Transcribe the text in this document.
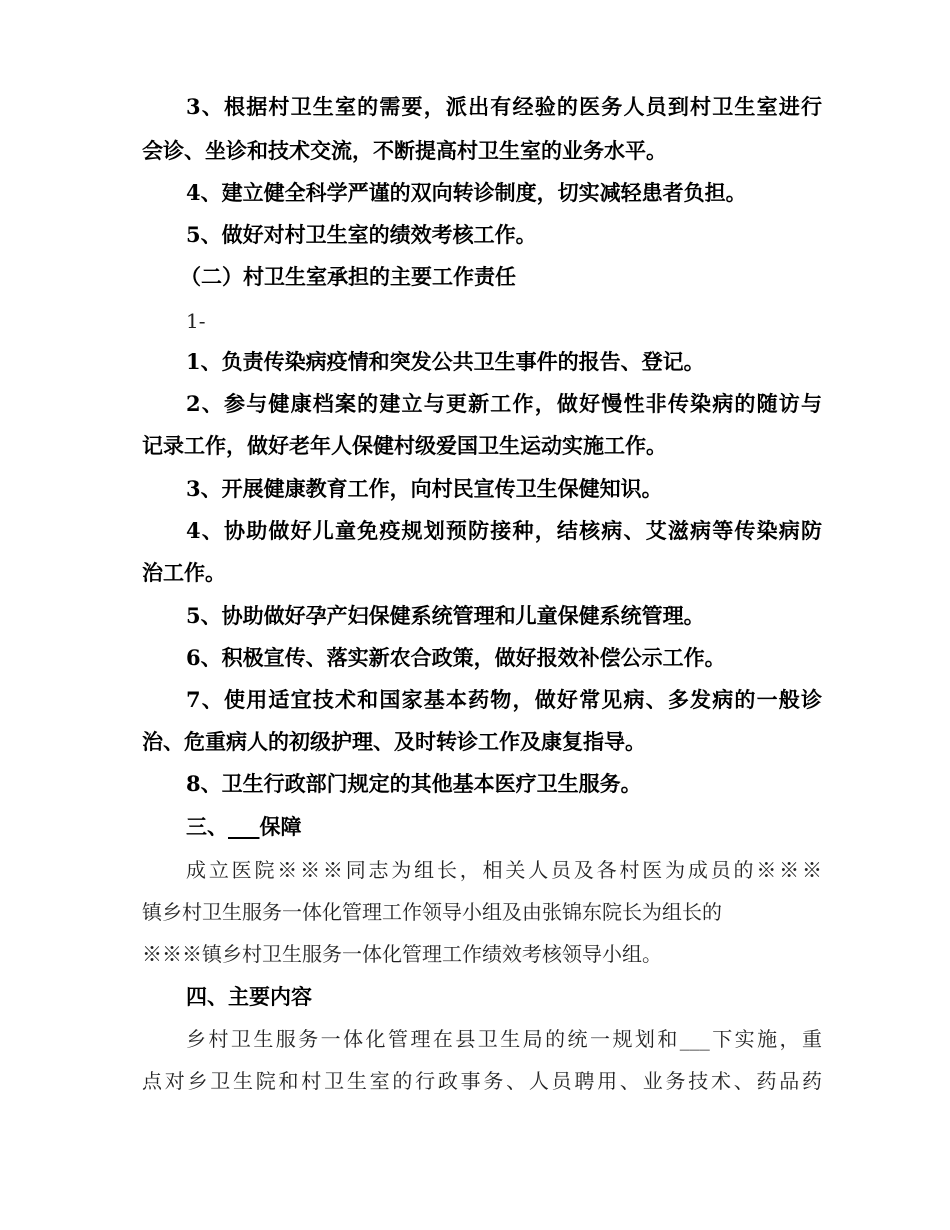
3、根据村卫生室的需要，派出有经验的医务人员到村卫生室进行
会诊、坐诊和技术交流，不断提高村卫生室的业务水平。
4、建立健全科学严谨的双向转诊制度，切实减轻患者负担。
5、做好对村卫生室的绩效考核工作。
（二）村卫生室承担的主要工作责任
1-
1、负责传染病疫情和突发公共卫生事件的报告、登记。
2、参与健康档案的建立与更新工作，做好慢性非传染病的随访与
记录工作，做好老年人保健村级爱国卫生运动实施工作。
3、开展健康教育工作，向村民宣传卫生保健知识。
4、协助做好儿童免疫规划预防接种，结核病、艾滋病等传染病防
治工作。
5、协助做好孕产妇保健系统管理和儿童保健系统管理。
6、积极宣传、落实新农合政策，做好报效补偿公示工作。
7、使用适宜技术和国家基本药物，做好常见病、多发病的一般诊
治、危重病人的初级护理、及时转诊工作及康复指导。
8、卫生行政部门规定的其他基本医疗卫生服务。
三、___保障
成立医院※※※同志为组长，相关人员及各村医为成员的※※※
镇乡村卫生服务一体化管理工作领导小组及由张锦东院长为组长的
※※※镇乡村卫生服务一体化管理工作绩效考核领导小组。
四、主要内容
乡村卫生服务一体化管理在县卫生局的统一规划和___下实施，重
点对乡卫生院和村卫生室的行政事务、人员聘用、业务技术、药品药
